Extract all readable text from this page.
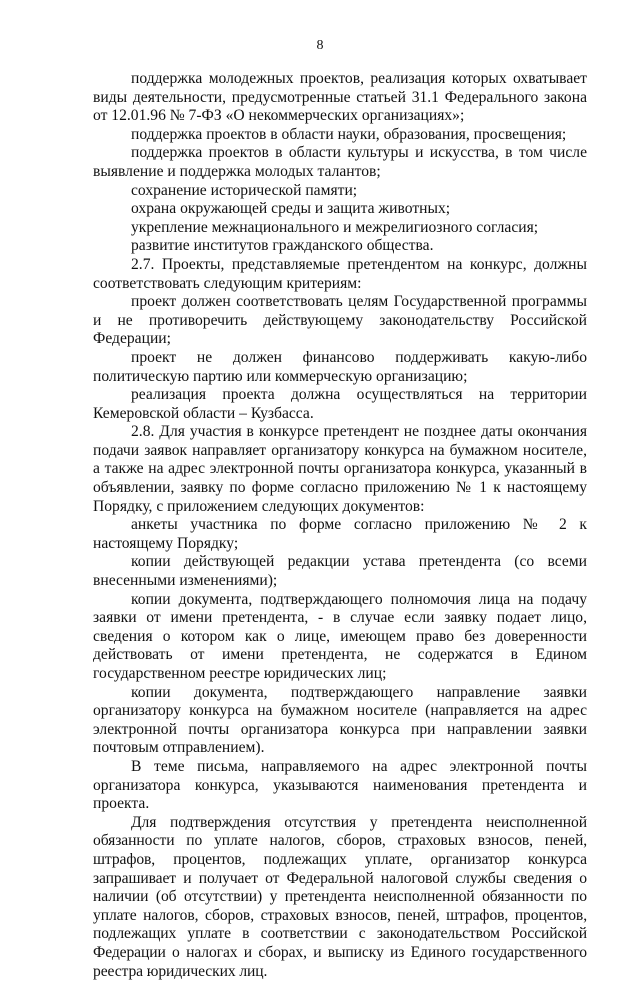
8

поддержка молодежных проектов, реализация которых охватывает виды деятельности, предусмотренные статьей 31.1 Федерального закона от 12.01.96 № 7-ФЗ «О некоммерческих организациях»;

поддержка проектов в области науки, образования, просвещения;

поддержка проектов в области культуры и искусства, в том числе выявление и поддержка молодых талантов;

сохранение исторической памяти;

охрана окружающей среды и защита животных;

укрепление межнационального и межрелигиозного согласия;

развитие институтов гражданского общества.

2.7. Проекты, представляемые претендентом на конкурс, должны соответствовать следующим критериям:

проект должен соответствовать целям Государственной программы и не противоречить действующему законодательству Российской Федерации;

проект не должен финансово поддерживать какую-либо политическую партию или коммерческую организацию;

реализация проекта должна осуществляться на территории Кемеровской области – Кузбасса.

2.8. Для участия в конкурсе претендент не позднее даты окончания подачи заявок направляет организатору конкурса на бумажном носителе, а также на адрес электронной почты организатора конкурса, указанный в объявлении, заявку по форме согласно приложению № 1 к настоящему Порядку, с приложением следующих документов:

анкеты участника по форме согласно приложению № 2 к настоящему Порядку;

копии действующей редакции устава претендента (со всеми внесенными изменениями);

копии документа, подтверждающего полномочия лица на подачу заявки от имени претендента, - в случае если заявку подает лицо, сведения о котором как о лице, имеющем право без доверенности действовать от имени претендента, не содержатся в Едином государственном реестре юридических лиц;

копии документа, подтверждающего направление заявки организатору конкурса на бумажном носителе (направляется на адрес электронной почты организатора конкурса при направлении заявки почтовым отправлением).

В теме письма, направляемого на адрес электронной почты организатора конкурса, указываются наименования претендента и проекта.

Для подтверждения отсутствия у претендента неисполненной обязанности по уплате налогов, сборов, страховых взносов, пеней, штрафов, процентов, подлежащих уплате, организатор конкурса запрашивает и получает от Федеральной налоговой службы сведения о наличии (об отсутствии) у претендента неисполненной обязанности по уплате налогов, сборов, страховых взносов, пеней, штрафов, процентов, подлежащих уплате в соответствии с законодательством Российской Федерации о налогах и сборах, и выписку из Единого государственного реестра юридических лиц.
